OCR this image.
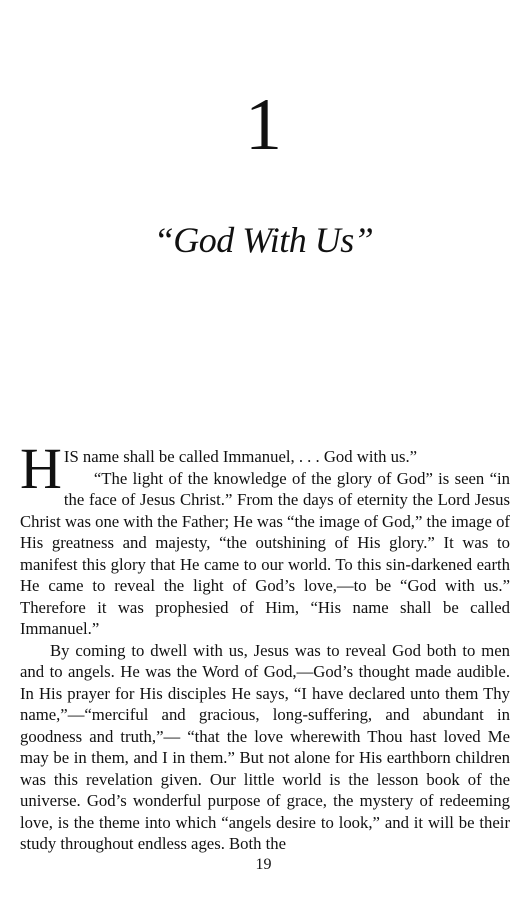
1
“God With Us”

HIS name shall be called Immanuel, . . . God with us.”

“The light of the knowledge of the glory of God” is seen “in the face of Jesus Christ.” From the days of eternity the Lord Jesus Christ was one with the Father; He was “the image of God,” the image of His greatness and majesty, “the outshining of His glory.” It was to manifest this glory that He came to our world. To this sin-darkened earth He came to reveal the light of God’s love,—to be “God with us.” Therefore it was prophesied of Him, “His name shall be called Immanuel.”

By coming to dwell with us, Jesus was to reveal God both to men and to angels. He was the Word of God,—God’s thought made audible. In His prayer for His disciples He says, “I have declared unto them Thy name,”—“merciful and gracious, long-suffering, and abundant in goodness and truth,”— “that the love wherewith Thou hast loved Me may be in them, and I in them.” But not alone for His earthborn children was this revelation given. Our little world is the lesson book of the universe. God’s wonderful purpose of grace, the mystery of redeeming love, is the theme into which “angels desire to look,” and it will be their study throughout endless ages. Both the

19
